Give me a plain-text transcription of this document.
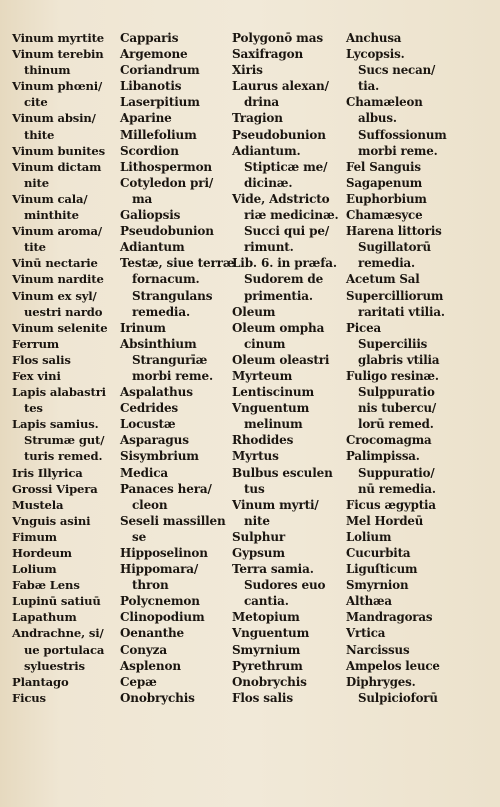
Vinum myrtite
Vinum terebin
thinum
Vinum phœni/
cite
Vinum absin/
thite
Vinum bunites
Vinum dictam
nite
Vinum cala/
minthite
Vinum aroma/
tite
Vinū nectarie
Vinum nardite
Vinum ex syl/
uestri nardo
Vinum selenite
Ferrum
Flos salis
Fex vini
Lapis alabastri
tes
Lapis samius.
Strumæ gut/
turis remed.
Iris Illyrica
Grossi Vipera
Mustela
Vnguis asini
Fimum
Hordeum
Lolium
Fabæ Lens
Lupinū satiuū
Lapathum
Andrachne, si/
ue portulaca
syluestris
Plantago
Ficus
Capparis
Argemone
Coriandrum
Libanotis
Laserpitium
Aparine
Millefolium
Scordion
Lithospermon
Cotyledon pri/
ma
Galiopsis
Pseudobunion
Adiantum
Testæ, siue terræ
fornacum.
Strangulans
remedia.
Irinum
Absinthium
Strangurīæ
morbi reme.
Aspalathus
Cedrides
Locustæ
Asparagus
Sisymbrium
Medica
Panaces hera/
cleon
Seseli massillen
se
Hipposelinon
Hippomara/
thron
Polycnemon
Clinopodium
Oenanthe
Conyza
Asplenon
Cepæ
Onobrychis
Polygonō mas
Saxifragon
Xiris
Laurus alexan/
drina
Tragion
Pseudobunion
Adiantum.
Stipticæ me/
dicinæ.
Vide, Adstricto
riæ medicinæ.
Succi qui pe/
rimunt.
Lib. 6. in præfa.
Sudorem de
primentia.
Oleum
Oleum ompha
cinum
Oleum oleastri
Myrteum
Lentiscinum
Vnguentum
melinum
Rhodides
Myrtus
Bulbus esculen
tus
Vinum myrti/
nite
Sulphur
Gypsum
Terra samia.
Sudores euo
cantia.
Metopium
Vnguentum
Smyrnium
Pyrethrum
Onobrychis
Flos salis
Anchusa
Lycopsis.
Sucs necan/
tia.
Chamæleon
albus.
Suffossionum
morbi reme.
Fel Sanguis
Sagapenum
Euphorbium
Chamæsyce
Harena littoris
Sugillatorū
remedia.
Acetum Sal
Supercilliorum
raritati vtilia.
Picea
Superciliis
glabris vtilia
Fuligo resinæ.
Sulppuratio
nis tubercu/
lorū remed.
Crocomagma
Palimpissa.
Suppuratio/
nū remedia.
Ficus ægyptia
Mel Hordeū
Lolium
Cucurbita
Liguſticum
Smyrnion
Althæa
Mandragoras
Vrtica
Narcissus
Ampelos leuce
Diphryges.
Sulpicioforū
